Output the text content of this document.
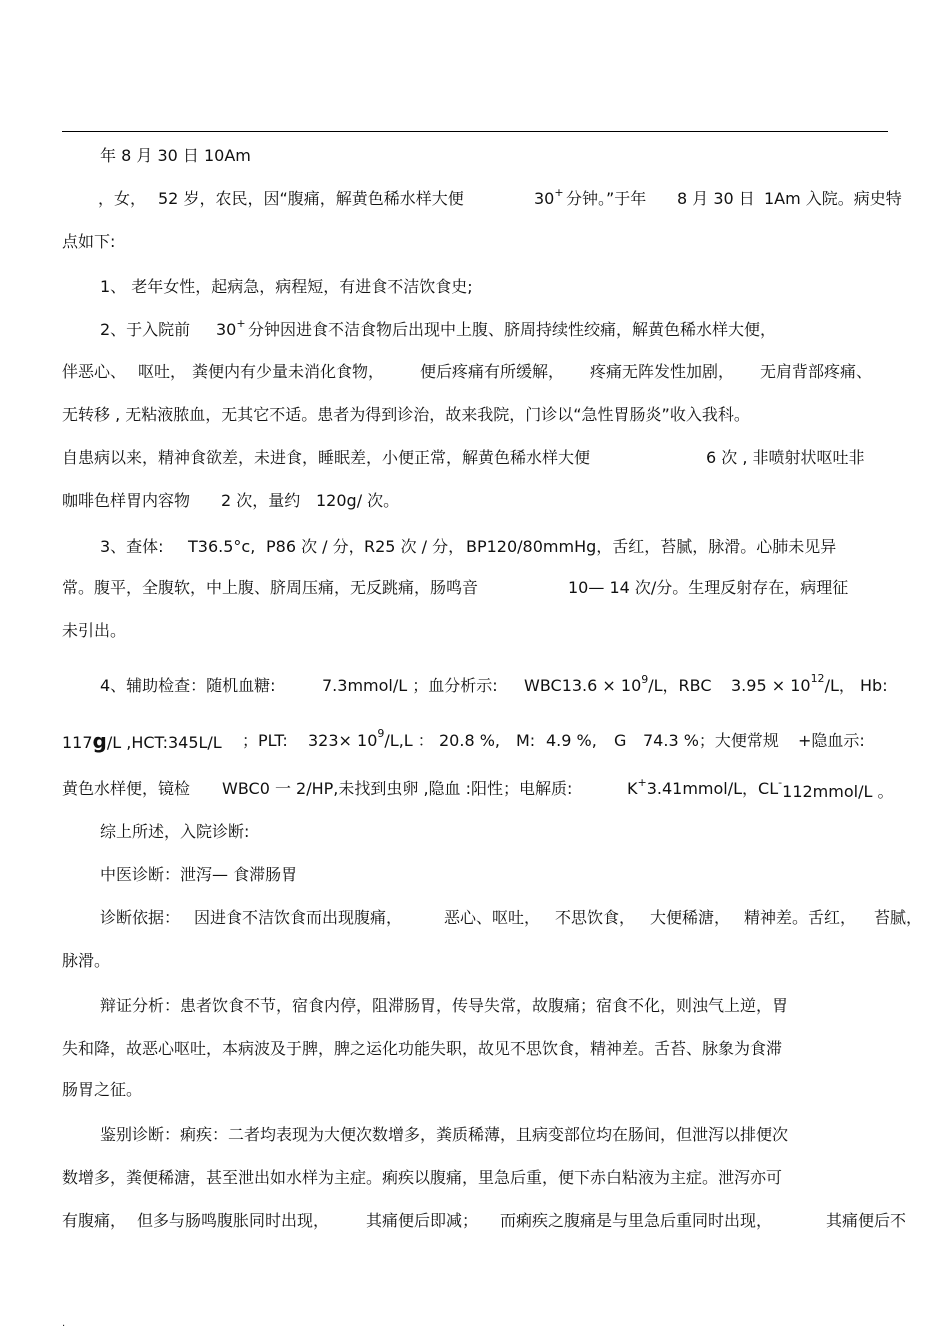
年 8 月 30 日 10Am
，女， 52 岁，农民，因“腹痛，解黄色稀水样大便	30+ 分钟。”于年 8 月 30 日 1Am 入院。病史特
点如下:
1、 老年女性，起病急，病程短，有进食不洁饮食史;
2、于入院前 30+ 分钟因进食不洁食物后出现中上腹、脐周持续性绞痛，解黄色稀水样大便，
伴恶心、 呕吐， 粪便内有少量未消化食物， 便后疼痛有所缓解， 疼痛无阵发性加剧， 无肩背部疼痛、
无转移 , 无粘液脓血，无其它不适。患者为得到诊治，故来我院，门诊以“急性胃肠炎”收入我科。
自患病以来，精神食欲差，未进食，睡眠差，小便正常，解黄色稀水样大便	6 次 , 非喷射状呕吐非
咖啡色样胃内容物 2 次，量约 120g/ 次。
3、查体: T36.5°c, P86 次 / 分， R25 次 / 分， BP120/80mmHg，舌红，苔腻，脉滑。心肺未见异
常。腹平，全腹软，中上腹、脐周压痛，无反跳痛，肠鸣音	10— 14 次/分。生理反射存在，病理征
未引出。
4、辅助检查：随机血糖:	7.3mmol/L ；血分析示: $WBC13.6 \times 10^9/L$，RBC $3.95 \times 10^{12}/L$， Hb:
117g/L ,HCT:345L/L ；PLT: $323\times 10^9/L,L$ ： 20.8 %, M: 4.9 %, G 74.3 %；大便常规 +隐血示:
黄色水样便，镜检 WBC0 一 2/HP,未找到虫卵 ,隐血 :阳性；电解质:	K+3.41mmol/L，CL-112mmol/L 。
综上所述，入院诊断:
中医诊断：泄泻— 食滞肠胃
诊断依据： 因进食不洁饮食而出现腹痛，	恶心、呕吐， 不思饮食， 大便稀溏， 精神差。舌红， 苔腻，
脉滑。
辩证分析：患者饮食不节，宿食内停，阻滞肠胃，传导失常，故腹痛；宿食不化，则浊气上逆，胃
失和降，故恶心呕吐，本病波及于脾，脾之运化功能失职，故见不思饮食，精神差。舌苔、脉象为食滞
肠胃之征。
鉴别诊断：痢疾：二者均表现为大便次数增多，粪质稀薄，且病变部位均在肠间，但泄泻以排便次
数增多，粪便稀溏，甚至泄出如水样为主症。痢疾以腹痛，里急后重，便下赤白粘液为主症。泄泻亦可
有腹痛， 但多与肠鸣腹胀同时出现， 其痛便后即减； 而痢疾之腹痛是与里急后重同时出现，	其痛便后不
.
